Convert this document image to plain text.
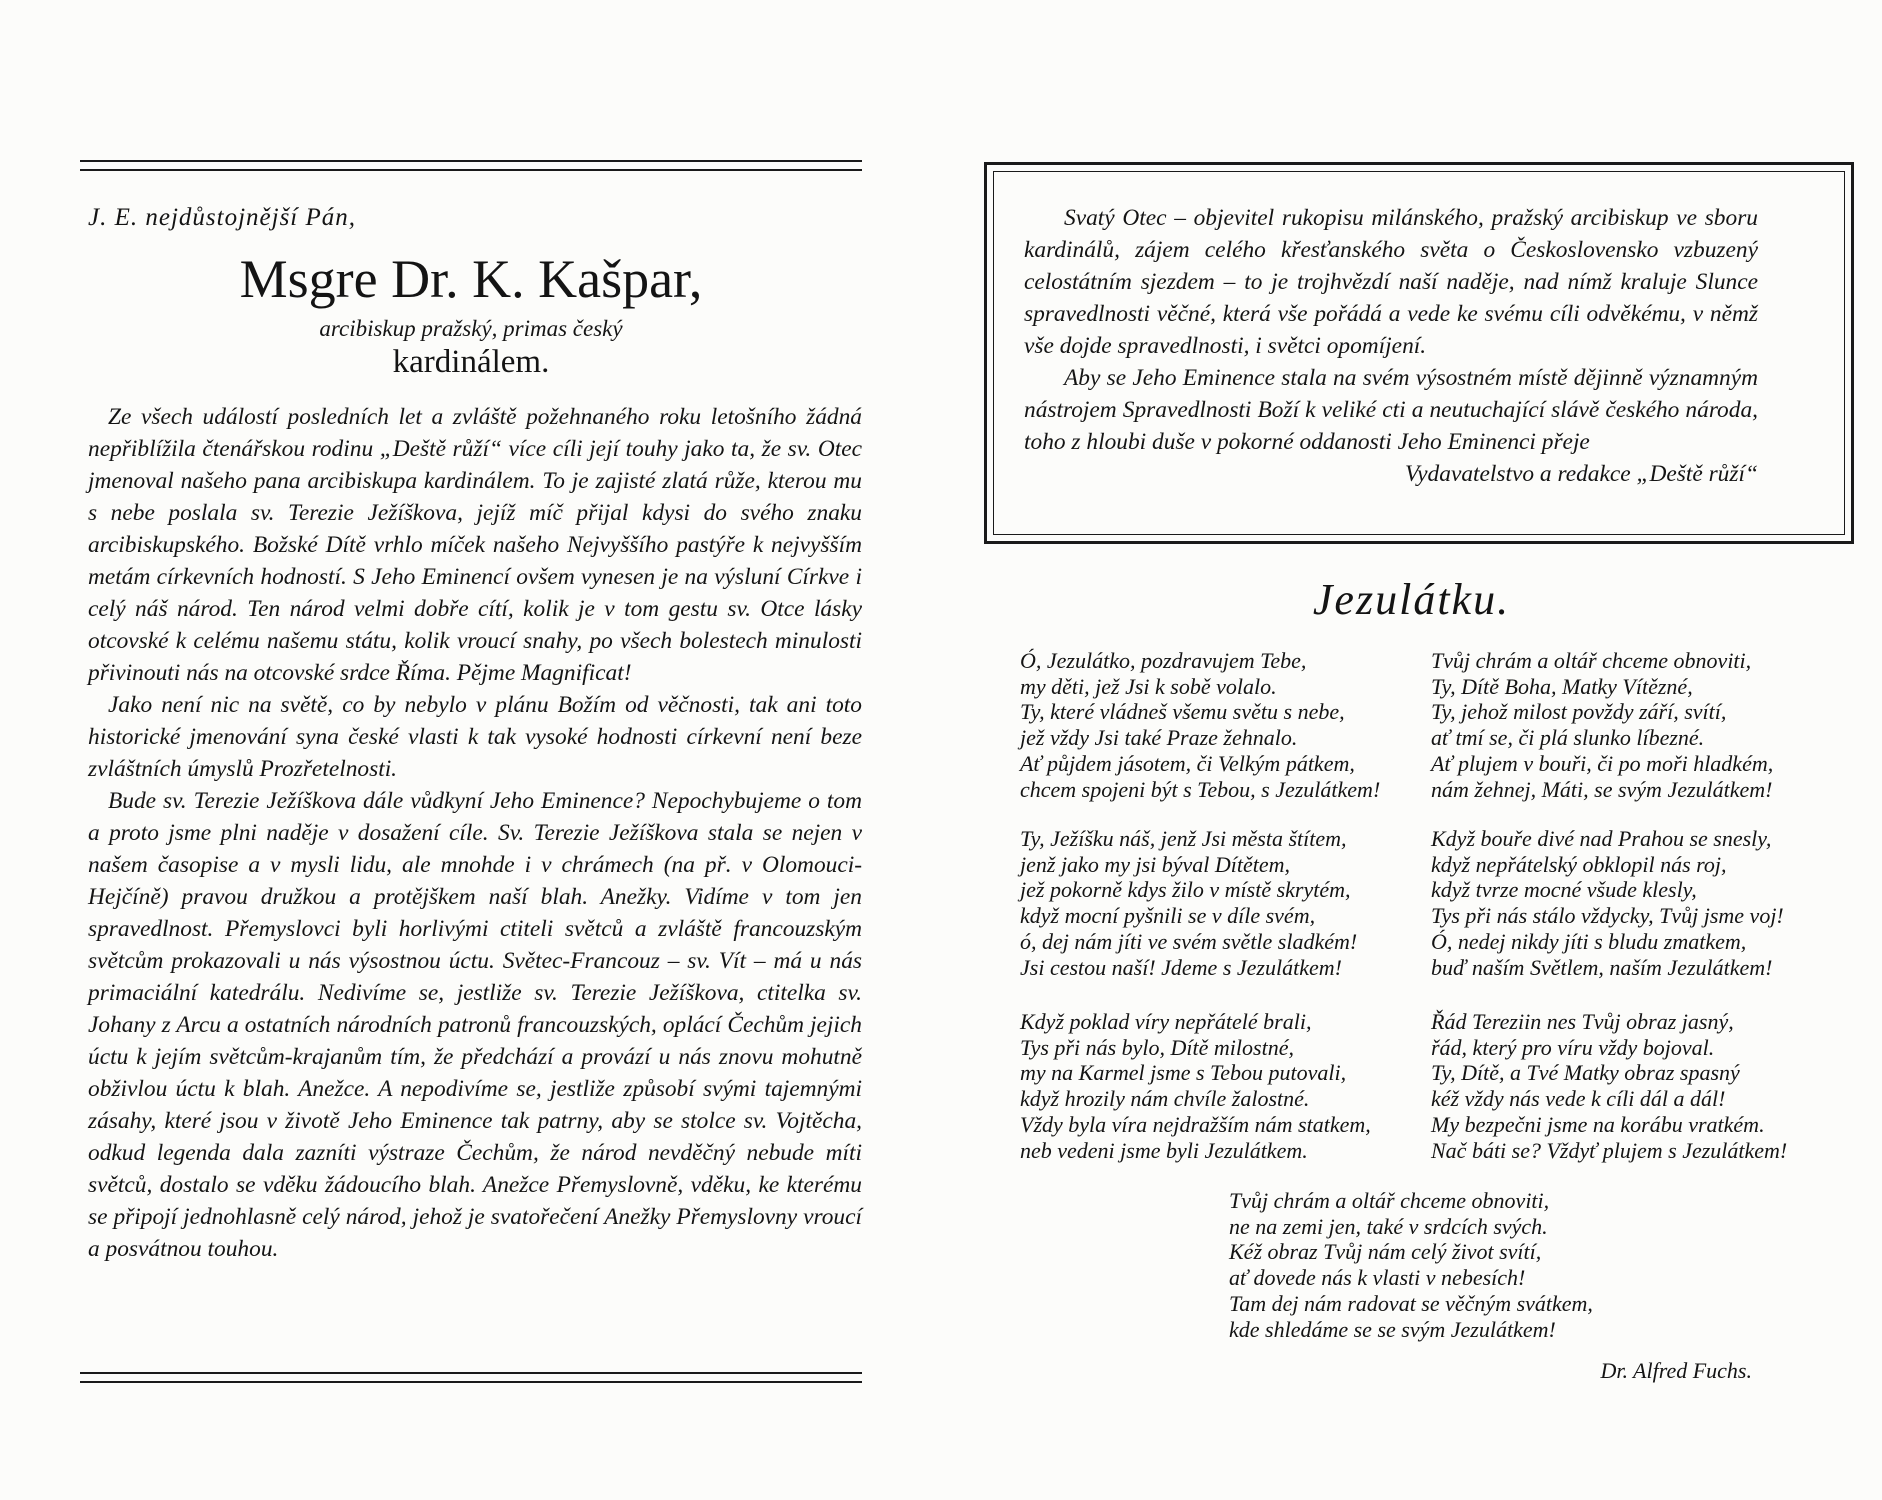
J. E. nejdůstojnější Pán,

Msgre Dr. K. Kašpar,

arcibiskup pražský, primas český

kardinálem.

Ze všech událostí posledních let a zvláště požehnaného roku letošního žádná nepřiblížila čtenářskou rodinu „Deště růží“ více cíli její touhy jako ta, že sv. Otec jmenoval našeho pana arcibiskupa kardinálem. To je zajisté zlatá růže, kterou mu s nebe poslala sv. Terezie Ježíškova, jejíž míč přijal kdysi do svého znaku arcibiskupského. Božské Dítě vrhlo míček našeho Nejvyššího pastýře k nejvyšším metám církevních hodností. S Jeho Eminencí ovšem vynesen je na výsluní Církve i celý náš národ. Ten národ velmi dobře cítí, kolik je v tom gestu sv. Otce lásky otcovské k celému našemu státu, kolik vroucí snahy, po všech bolestech minulosti přivinouti nás na otcovské srdce Říma. Pějme Magnificat!

Jako není nic na světě, co by nebylo v plánu Božím od věčnosti, tak ani toto historické jmenování syna české vlasti k tak vysoké hodnosti církevní není beze zvláštních úmyslů Prozřetelnosti.

Bude sv. Terezie Ježíškova dále vůdkyní Jeho Eminence? Nepochybujeme o tom a proto jsme plni naděje v dosažení cíle. Sv. Terezie Ježíškova stala se nejen v našem časopise a v mysli lidu, ale mnohde i v chrámech (na př. v Olomouci-Hejčíně) pravou družkou a protějškem naší blah. Anežky. Vidíme v tom jen spravedlnost. Přemyslovci byli horlivými ctiteli světců a zvláště francouzským světcům prokazovali u nás výsostnou úctu. Světec-Francouz – sv. Vít – má u nás primaciální katedrálu. Nedivíme se, jestliže sv. Terezie Ježíškova, ctitelka sv. Johany z Arcu a ostatních národních patronů francouzských, oplácí Čechům jejich úctu k jejím světcům-krajanům tím, že předchází a provází u nás znovu mohutně obživlou úctu k blah. Anežce. A nepodivíme se, jestliže způsobí svými tajemnými zásahy, které jsou v životě Jeho Eminence tak patrny, aby se stolce sv. Vojtěcha, odkud legenda dala zazníti výstraze Čechům, že národ nevděčný nebude míti světců, dostalo se vděku žádoucího blah. Anežce Přemyslovně, vděku, ke kterému se připojí jednohlasně celý národ, jehož je svatořečení Anežky Přemyslovny vroucí a posvátnou touhou.

Svatý Otec – objevitel rukopisu milánského, pražský arcibiskup ve sboru kardinálů, zájem celého křesťanského světa o Československo vzbuzený celostátním sjezdem – to je trojhvězdí naší naděje, nad nímž kraluje Slunce spravedlnosti věčné, která vše pořádá a vede ke svému cíli odvěkému, v němž vše dojde spravedlnosti, i světci opomíjení.

Aby se Jeho Eminence stala na svém výsostném místě dějinně významným nástrojem Spravedlnosti Boží k veliké cti a neutuchající slávě českého národa, toho z hloubi duše v pokorné oddanosti Jeho Eminenci přeje

Vydavatelstvo a redakce „Deště růží“

Jezulátku.
Ó, Jezulátko, pozdravujem Tebe,
my děti, jež Jsi k sobě volalo.
Ty, které vládneš všemu světu s nebe,
jež vždy Jsi také Praze žehnalo.
Ať půjdem jásotem, či Velkým pátkem,
chcem spojeni být s Tebou, s Jezulátkem!
Tvůj chrám a oltář chceme obnoviti,
Ty, Dítě Boha, Matky Vítězné,
Ty, jehož milost povždy září, svítí,
ať tmí se, či plá slunko líbezné.
Ať plujem v bouři, či po moři hladkém,
nám žehnej, Máti, se svým Jezulátkem!
Ty, Ježíšku náš, jenž Jsi města štítem,
jenž jako my jsi býval Dítětem,
jež pokorně kdys žilo v místě skrytém,
když mocní pyšnili se v díle svém,
ó, dej nám jíti ve svém světle sladkém!
Jsi cestou naší! Jdeme s Jezulátkem!
Když bouře divé nad Prahou se snesly,
když nepřátelský obklopil nás roj,
když tvrze mocné všude klesly,
Tys při nás stálo vždycky, Tvůj jsme voj!
Ó, nedej nikdy jíti s bludu zmatkem,
buď naším Světlem, naším Jezulátkem!
Když poklad víry nepřátelé brali,
Tys při nás bylo, Dítě milostné,
my na Karmel jsme s Tebou putovali,
když hrozily nám chvíle žalostné.
Vždy byla víra nejdražším nám statkem,
neb vedeni jsme byli Jezulátkem.
Řád Tereziin nes Tvůj obraz jasný,
řád, který pro víru vždy bojoval.
Ty, Dítě, a Tvé Matky obraz spasný
kéž vždy nás vede k cíli dál a dál!
My bezpečni jsme na korábu vratkém.
Nač báti se? Vždyť plujem s Jezulátkem!
Tvůj chrám a oltář chceme obnoviti,
ne na zemi jen, také v srdcích svých.
Kéž obraz Tvůj nám celý život svítí,
ať dovede nás k vlasti v nebesích!
Tam dej nám radovat se věčným svátkem,
kde shledáme se se svým Jezulátkem!

Dr. Alfred Fuchs.
